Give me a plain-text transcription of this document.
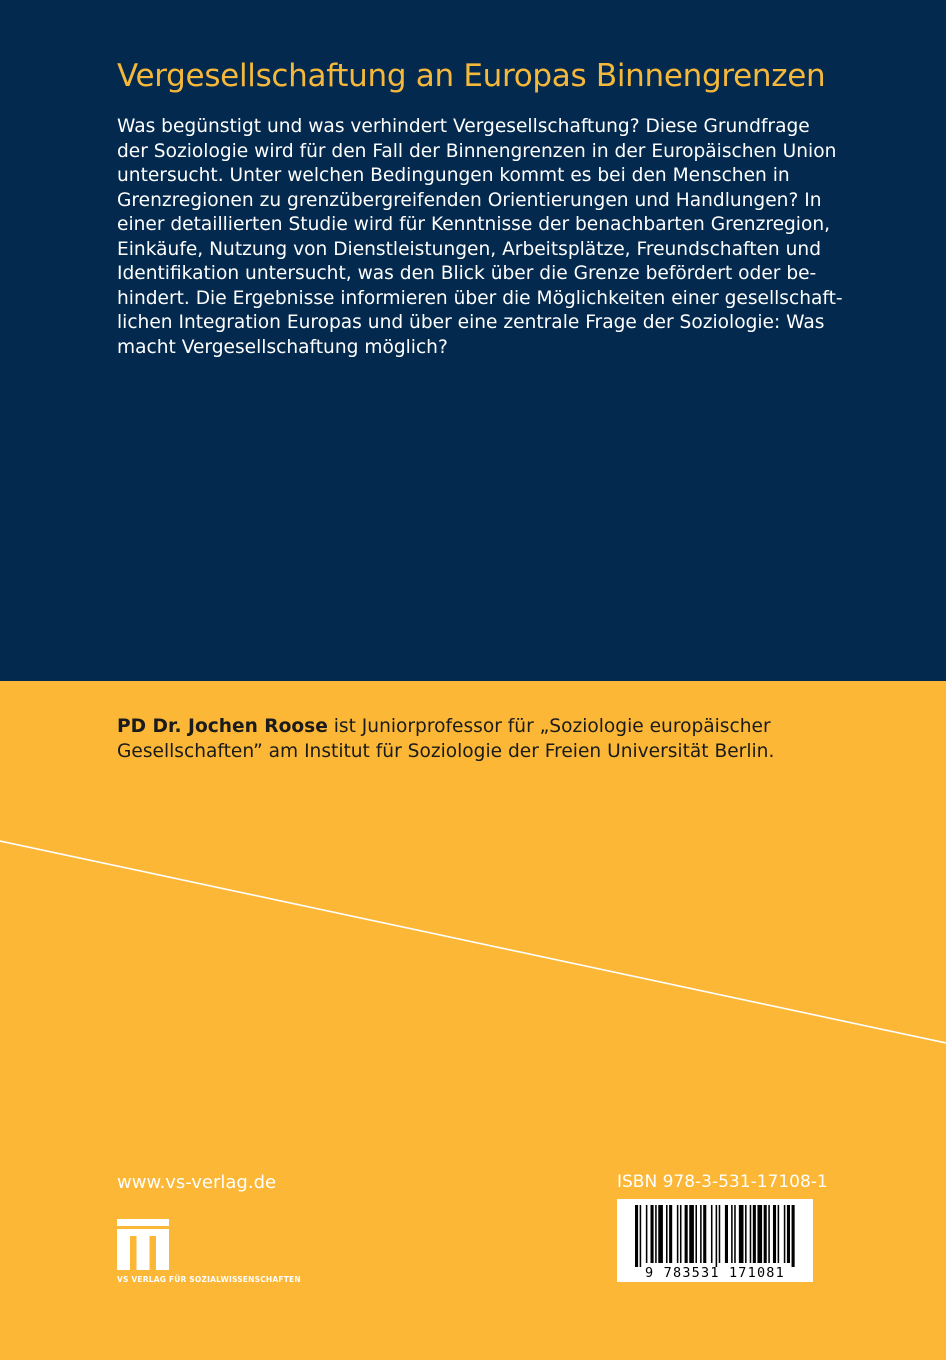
Vergesellschaftung an Europas Binnengrenzen
Was begünstigt und was verhindert Vergesellschaftung? Diese Grundfrage
der Soziologie wird für den Fall der Binnengrenzen in der Europäischen Union
untersucht. Unter welchen Bedingungen kommt es bei den Menschen in
Grenzregionen zu grenzübergreifenden Orientierungen und Handlungen? In
einer detaillierten Studie wird für Kenntnisse der benachbarten Grenzregion,
Einkäufe, Nutzung von Dienstleistungen, Arbeitsplätze, Freundschaften und
Identifikation untersucht, was den Blick über die Grenze befördert oder be-
hindert. Die Ergebnisse informieren über die Möglichkeiten einer gesellschaft-
lichen Integration Europas und über eine zentrale Frage der Soziologie: Was
macht Vergesellschaftung möglich?
PD Dr. Jochen Roose ist Juniorprofessor für „Soziologie europäischer
Gesellschaften” am Institut für Soziologie der Freien Universität Berlin.
www.vs-verlag.de	ISBN 978-3-531-17108-1
9 783531 171081
VS VERLAG FÜR SOZIALWISSENSCHAFTEN
